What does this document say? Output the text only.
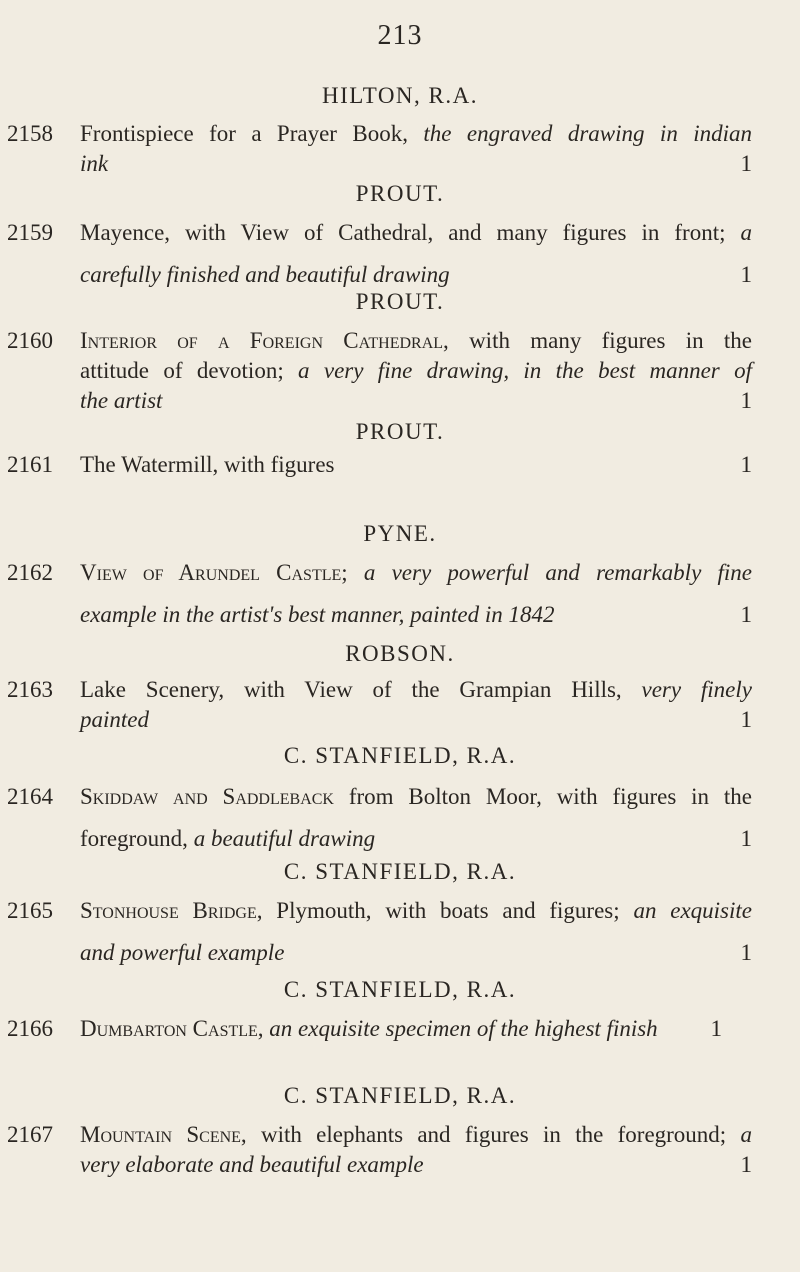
213

HILTON, R.A.

2158	Frontispiece for a Prayer Book, the engraved drawing in indian
ink	1

PROUT.

2159	Mayence, with View of Cathedral, and many figures in front; a
carefully finished and beautiful drawing	1

PROUT.

2160	Interior of a Foreign Cathedral, with many figures in the
attitude of devotion; a very fine drawing, in the best manner of
the artist	1

PROUT.

2161	The Watermill, with figures	1

PYNE.

2162	View of Arundel Castle; a very powerful and remarkably fine
example in the artist's best manner, painted in 1842	1

ROBSON.

2163	Lake Scenery, with View of the Grampian Hills, very finely
painted	1

C. STANFIELD, R.A.

2164	Skiddaw and Saddleback from Bolton Moor, with figures in the
foreground, a beautiful drawing	1

C. STANFIELD, R.A.

2165	Stonhouse Bridge, Plymouth, with boats and figures; an exquisite
and powerful example	1

C. STANFIELD, R.A.

2166	Dumbarton Castle, an exquisite specimen of the highest finish 1

C. STANFIELD, R.A.

2167	Mountain Scene, with elephants and figures in the foreground; a
very elaborate and beautiful example	1
